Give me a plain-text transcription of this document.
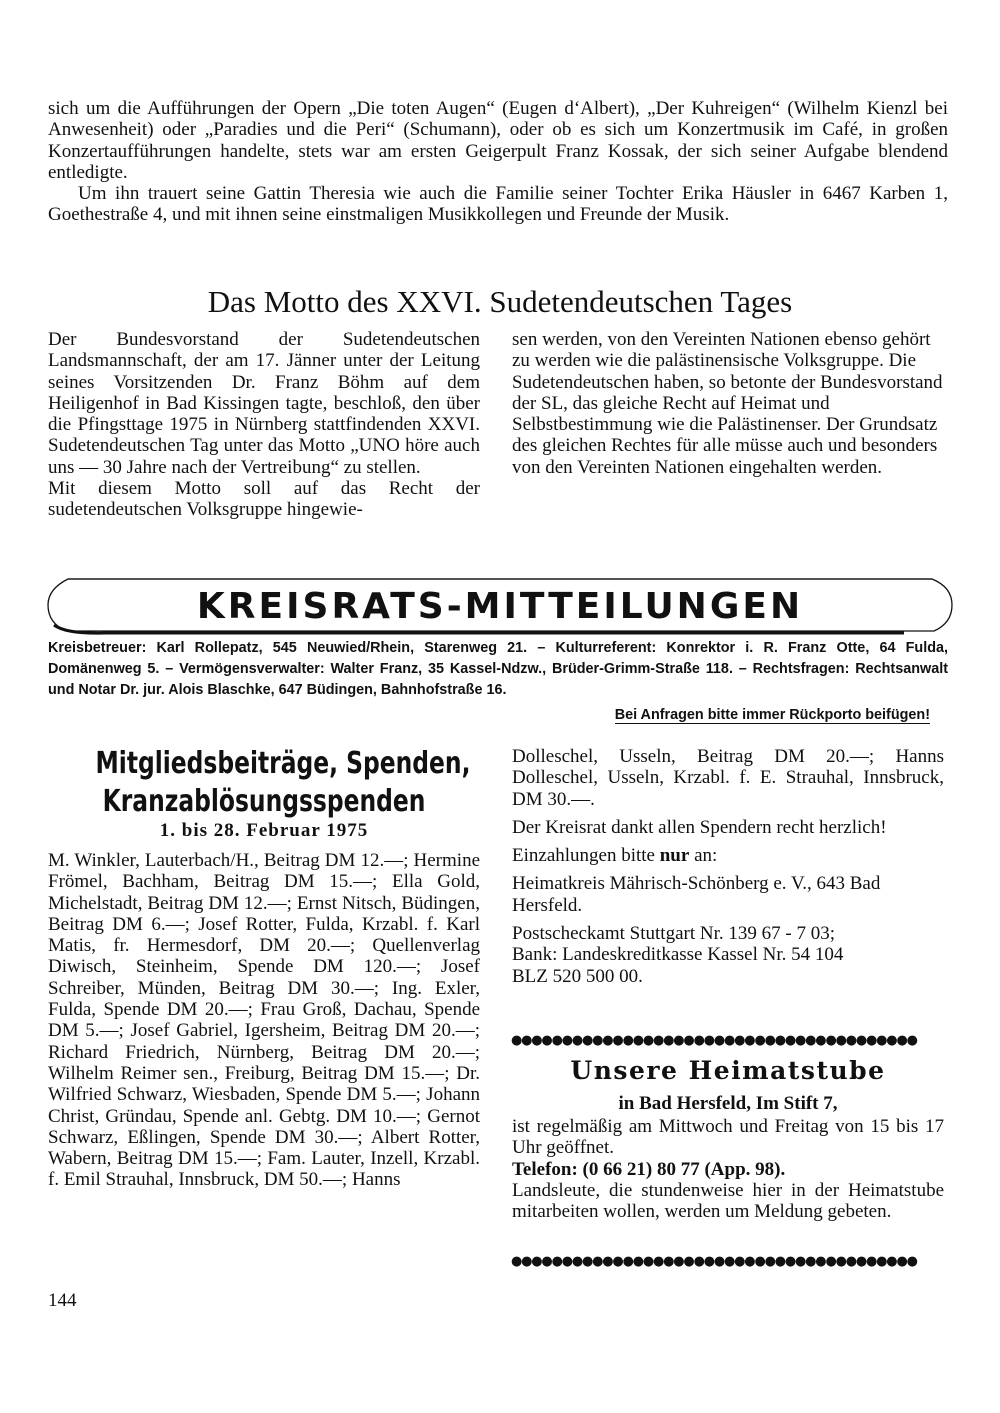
sich um die Aufführungen der Opern „Die toten Augen“ (Eugen d‘Albert), „Der Kuhreigen“ (Wilhelm Kienzl bei Anwesenheit) oder „Paradies und die Peri“ (Schumann), oder ob es sich um Konzertmusik im Café, in großen Konzertaufführungen handelte, stets war am ersten Geigerpult Franz Kossak, der sich seiner Aufgabe blendend entledigte.

Um ihn trauert seine Gattin Theresia wie auch die Familie seiner Tochter Erika Häusler in 6467 Karben 1, Goethestraße 4, und mit ihnen seine einstmaligen Musikkollegen und Freunde der Musik.

Das Motto des XXVI. Sudetendeutschen Tages

Der Bundesvorstand der Sudetendeutschen Landsmannschaft, der am 17. Jänner unter der Leitung seines Vorsitzenden Dr. Franz Böhm auf dem Heiligenhof in Bad Kissingen tagte, beschloß, den über die Pfingsttage 1975 in Nürnberg stattfindenden XXVI. Sudetendeutschen Tag unter das Motto „UNO höre auch uns — 30 Jahre nach der Vertreibung“ zu stellen.

Mit diesem Motto soll auf das Recht der sudetendeutschen Volksgruppe hingewie-

sen werden, von den Vereinten Nationen ebenso gehört zu werden wie die palästinensische Volksgruppe. Die Sudetendeutschen haben, so betonte der Bundesvorstand der SL, das gleiche Recht auf Heimat und Selbstbestimmung wie die Palästinenser. Der Grundsatz des gleichen Rechtes für alle müsse auch und besonders von den Vereinten Nationen eingehalten werden.

KREISRATS-MITTEILUNGEN
Kreisbetreuer: Karl Rollepatz, 545 Neuwied/Rhein, Starenweg 21. – Kulturreferent: Konrektor i. R. Franz Otte, 64 Fulda, Domänenweg 5. – Vermögensverwalter: Walter Franz, 35 Kassel-Ndzw., Brüder-Grimm-Straße 118. – Rechtsfragen: Rechtsanwalt und Notar Dr. jur. Alois Blaschke, 647 Büdingen, Bahnhofstraße 16.
Bei Anfragen bitte immer Rückporto beifügen!
Mitgliedsbeiträge, Spenden,
Kranzablösungsspenden
1. bis 28. Februar 1975
M. Winkler, Lauterbach/H., Beitrag DM 12.—; Hermine Frömel, Bachham, Beitrag DM 15.—; Ella Gold, Michelstadt, Beitrag DM 12.—; Ernst Nitsch, Büdingen, Beitrag DM 6.—; Josef Rotter, Fulda, Krzabl. f. Karl Matis, fr. Hermesdorf, DM 20.—; Quellenverlag Diwisch, Steinheim, Spende DM 120.—; Josef Schreiber, Münden, Beitrag DM 30.—; Ing. Exler, Fulda, Spende DM 20.—; Frau Groß, Dachau, Spende DM 5.—; Josef Gabriel, Igersheim, Beitrag DM 20.—; Richard Friedrich, Nürnberg, Beitrag DM 20.—; Wilhelm Reimer sen., Freiburg, Beitrag DM 15.—; Dr. Wilfried Schwarz, Wiesbaden, Spende DM 5.—; Johann Christ, Gründau, Spende anl. Gebtg. DM 10.—; Gernot Schwarz, Eßlingen, Spende DM 30.—; Albert Rotter, Wabern, Beitrag DM 15.—; Fam. Lauter, Inzell, Krzabl. f. Emil Strauhal, Innsbruck, DM 50.—; Hanns

Dolleschel, Usseln, Beitrag DM 20.—; Hanns Dolleschel, Usseln, Krzabl. f. E. Strauhal, Innsbruck, DM 30.—.

Der Kreisrat dankt allen Spendern recht herzlich!

Einzahlungen bitte nur an:

Heimatkreis Mährisch-Schönberg e. V., 643 Bad Hersfeld.

Postscheckamt Stuttgart Nr. 139 67 - 7 03;

Bank: Landeskreditkasse Kassel Nr. 54 104

BLZ 520 500 00.

●●●●●●●●●●●●●●●●●●●●●●●●●●●●●●●●●●●●●●●●
Unsere Heimatstube
in Bad Hersfeld, Im Stift 7,

ist regelmäßig am Mittwoch und Freitag von 15 bis 17 Uhr geöffnet.

Telefon: (0 66 21) 80 77 (App. 98).

Landsleute, die stundenweise hier in der Heimatstube mitarbeiten wollen, werden um Meldung gebeten.

●●●●●●●●●●●●●●●●●●●●●●●●●●●●●●●●●●●●●●●●
144
